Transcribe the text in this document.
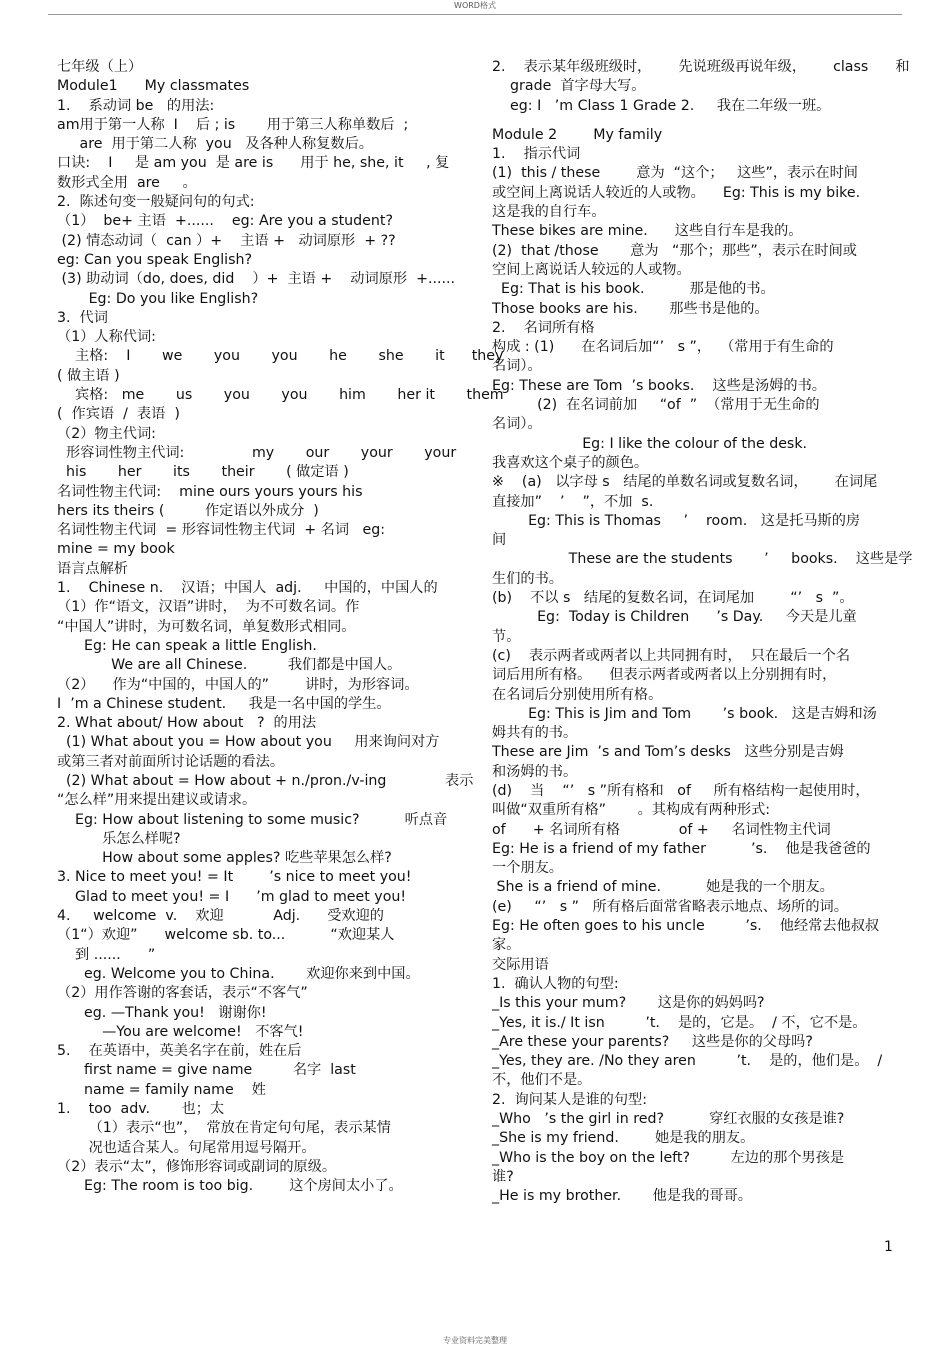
WORD格式
七年级（上）
Module1      My classmates
1.    系动词 be   的用法:
am用于第一人称  I    后 ; is       用于第三人称单数后  ;
are  用于第二人称  you   及各种人称复数后。
口诀:    I     是 am you  是 are is      用于 he, she, it     , 复
数形式全用  are     。
2.  陈述句变一般疑问句的句式:
（1）  be+ 主语  +......    eg: Are you a student?
(2) 情态动词（  can ）+    主语 +   动词原形  + ??
eg: Can you speak English?
(3) 助动词（do, does, did    ）+  主语 +    动词原形  +......
Eg: Do you like English?
3.  代词
（1）人称代词:
主格:    I       we       you       you       he       she       it      they
( 做主语 )
宾格:   me       us       you       you       him       her it       them
(  作宾语  /  表语  )
（2）物主代词:
形容词性物主代词:               my       our       your       your
his       her       its       their       ( 做定语 )
名词性物主代词:    mine ours yours yours his
hers its theirs (         作定语以外成分  )
名词性物主代词  = 形容词性物主代词  + 名词   eg:
mine = my book
语言点解析
1.    Chinese n.    汉语；中国人  adj.     中国的，中国人的
（1）作“语文，汉语”讲时，  为不可数名词。作
“中国人”讲时，为可数名词，单复数形式相同。
Eg: He can speak a little English.
We are all Chinese.         我们都是中国人。
（2）    作为“中国的，中国人的”        讲时，为形容词。
I  ’m a Chinese student.     我是一名中国的学生。
2. What about/ How about   ?  的用法
(1) What about you = How about you     用来询问对方
或第三者对前面所讨论话题的看法。
(2) What about = How about + n./pron./v-ing             表示
“怎么样”用来提出建议或请求。
Eg: How about listening to some music?          听点音
乐怎么样呢?
How about some apples? 吃些苹果怎么样?
3. Nice to meet you! = It        ’s nice to meet you!
Glad to meet you! = I      ’m glad to meet you!
4.     welcome  v.    欢迎           Adj.      受欢迎的
（1“）欢迎”      welcome sb. to...          “欢迎某人
到 ......      ”
eg. Welcome you to China.       欢迎你来到中国。
（2）用作答谢的客套话，表示“不客气”
eg. —Thank you!   谢谢你!
—You are welcome!   不客气!
5.    在英语中，英美名字在前，姓在后
first name = give name         名字  last
name = family name    姓
1.    too  adv.       也；太
（1）表示“也”，  常放在肯定句句尾，表示某情
况也适合某人。句尾常用逗号隔开。
（2）表示“太”，修饰形容词或副词的原级。
Eg: The room is too big.        这个房间太小了。
2.    表示某年级班级时，      先说班级再说年级，      class      和
grade  首字母大写。
eg: I   ’m Class 1 Grade 2.     我在二年级一班。
Module 2        My family
1.    指示代词
(1)  this / these        意为  “这个；   这些”，表示在时间
或空间上离说话人较近的人或物。    Eg: This is my bike.
这是我的自行车。
These bikes are mine.      这些自行车是我的。
(2)  that /those       意为   “那个；那些”，表示在时间或
空间上离说话人较远的人或物。
Eg: That is his book.          那是他的书。
Those books are his.       那些书是他的。
2.    名词所有格
构成 : (1)      在名词后加“’   s ”，  （常用于有生命的
名词）。
Eg: These are Tom  ’s books.    这些是汤姆的书。
(2)  在名词前加     “of  ”  （常用于无生命的
名词）。
Eg: I like the colour of the desk.
我喜欢这个桌子的颜色。
※    (a)   以字母 s   结尾的单数名词或复数名词，      在词尾
直接加”    ’    ”，不加  s.
Eg: This is Thomas     ’    room.   这是托马斯的房
间
These are the students       ’     books.    这些是学
生们的书。
(b)    不以 s   结尾的复数名词，在词尾加        “’   s  ”。
Eg:  Today is Children      ’s Day.     今天是儿童
节。
(c)    表示两者或两者以上共同拥有时，  只在最后一个名
词后用所有格。    但表示两者或两者以上分别拥有时，
在名词后分别使用所有格。
Eg: This is Jim and Tom       ’s book.   这是吉姆和汤
姆共有的书。
These are Jim  ’s and Tom’s desks   这些分别是吉姆
和汤姆的书。
(d)    当    “’   s ”所有格和   of     所有格结构一起使用时，
叫做“双重所有格”       。其构成有两种形式:
of      + 名词所有格             of +     名词性物主代词
Eg: He is a friend of my father          ’s.    他是我爸爸的
一个朋友。
She is a friend of mine.          她是我的一个朋友。
(e)     “’   s ”   所有格后面常省略表示地点、场所的词。
Eg: He often goes to his uncle         ’s.    他经常去他叔叔
家。
交际用语
1.  确认人物的句型:
_Is this your mum?       这是你的妈妈吗?
_Yes, it is./ It isn         ’t.    是的，它是。  / 不，它不是。
_Are these your parents?     这些是你的父母吗?
_Yes, they are. /No they aren         ’t.    是的，他们是。  /
不，他们不是。
2.  询问某人是谁的句型:
_Who   ’s the girl in red?          穿红衣服的女孩是谁?
_She is my friend.        她是我的朋友。
_Who is the boy on the left?         左边的那个男孩是
谁?
_He is my brother.       他是我的哥哥。
1
专业资料完美整理
